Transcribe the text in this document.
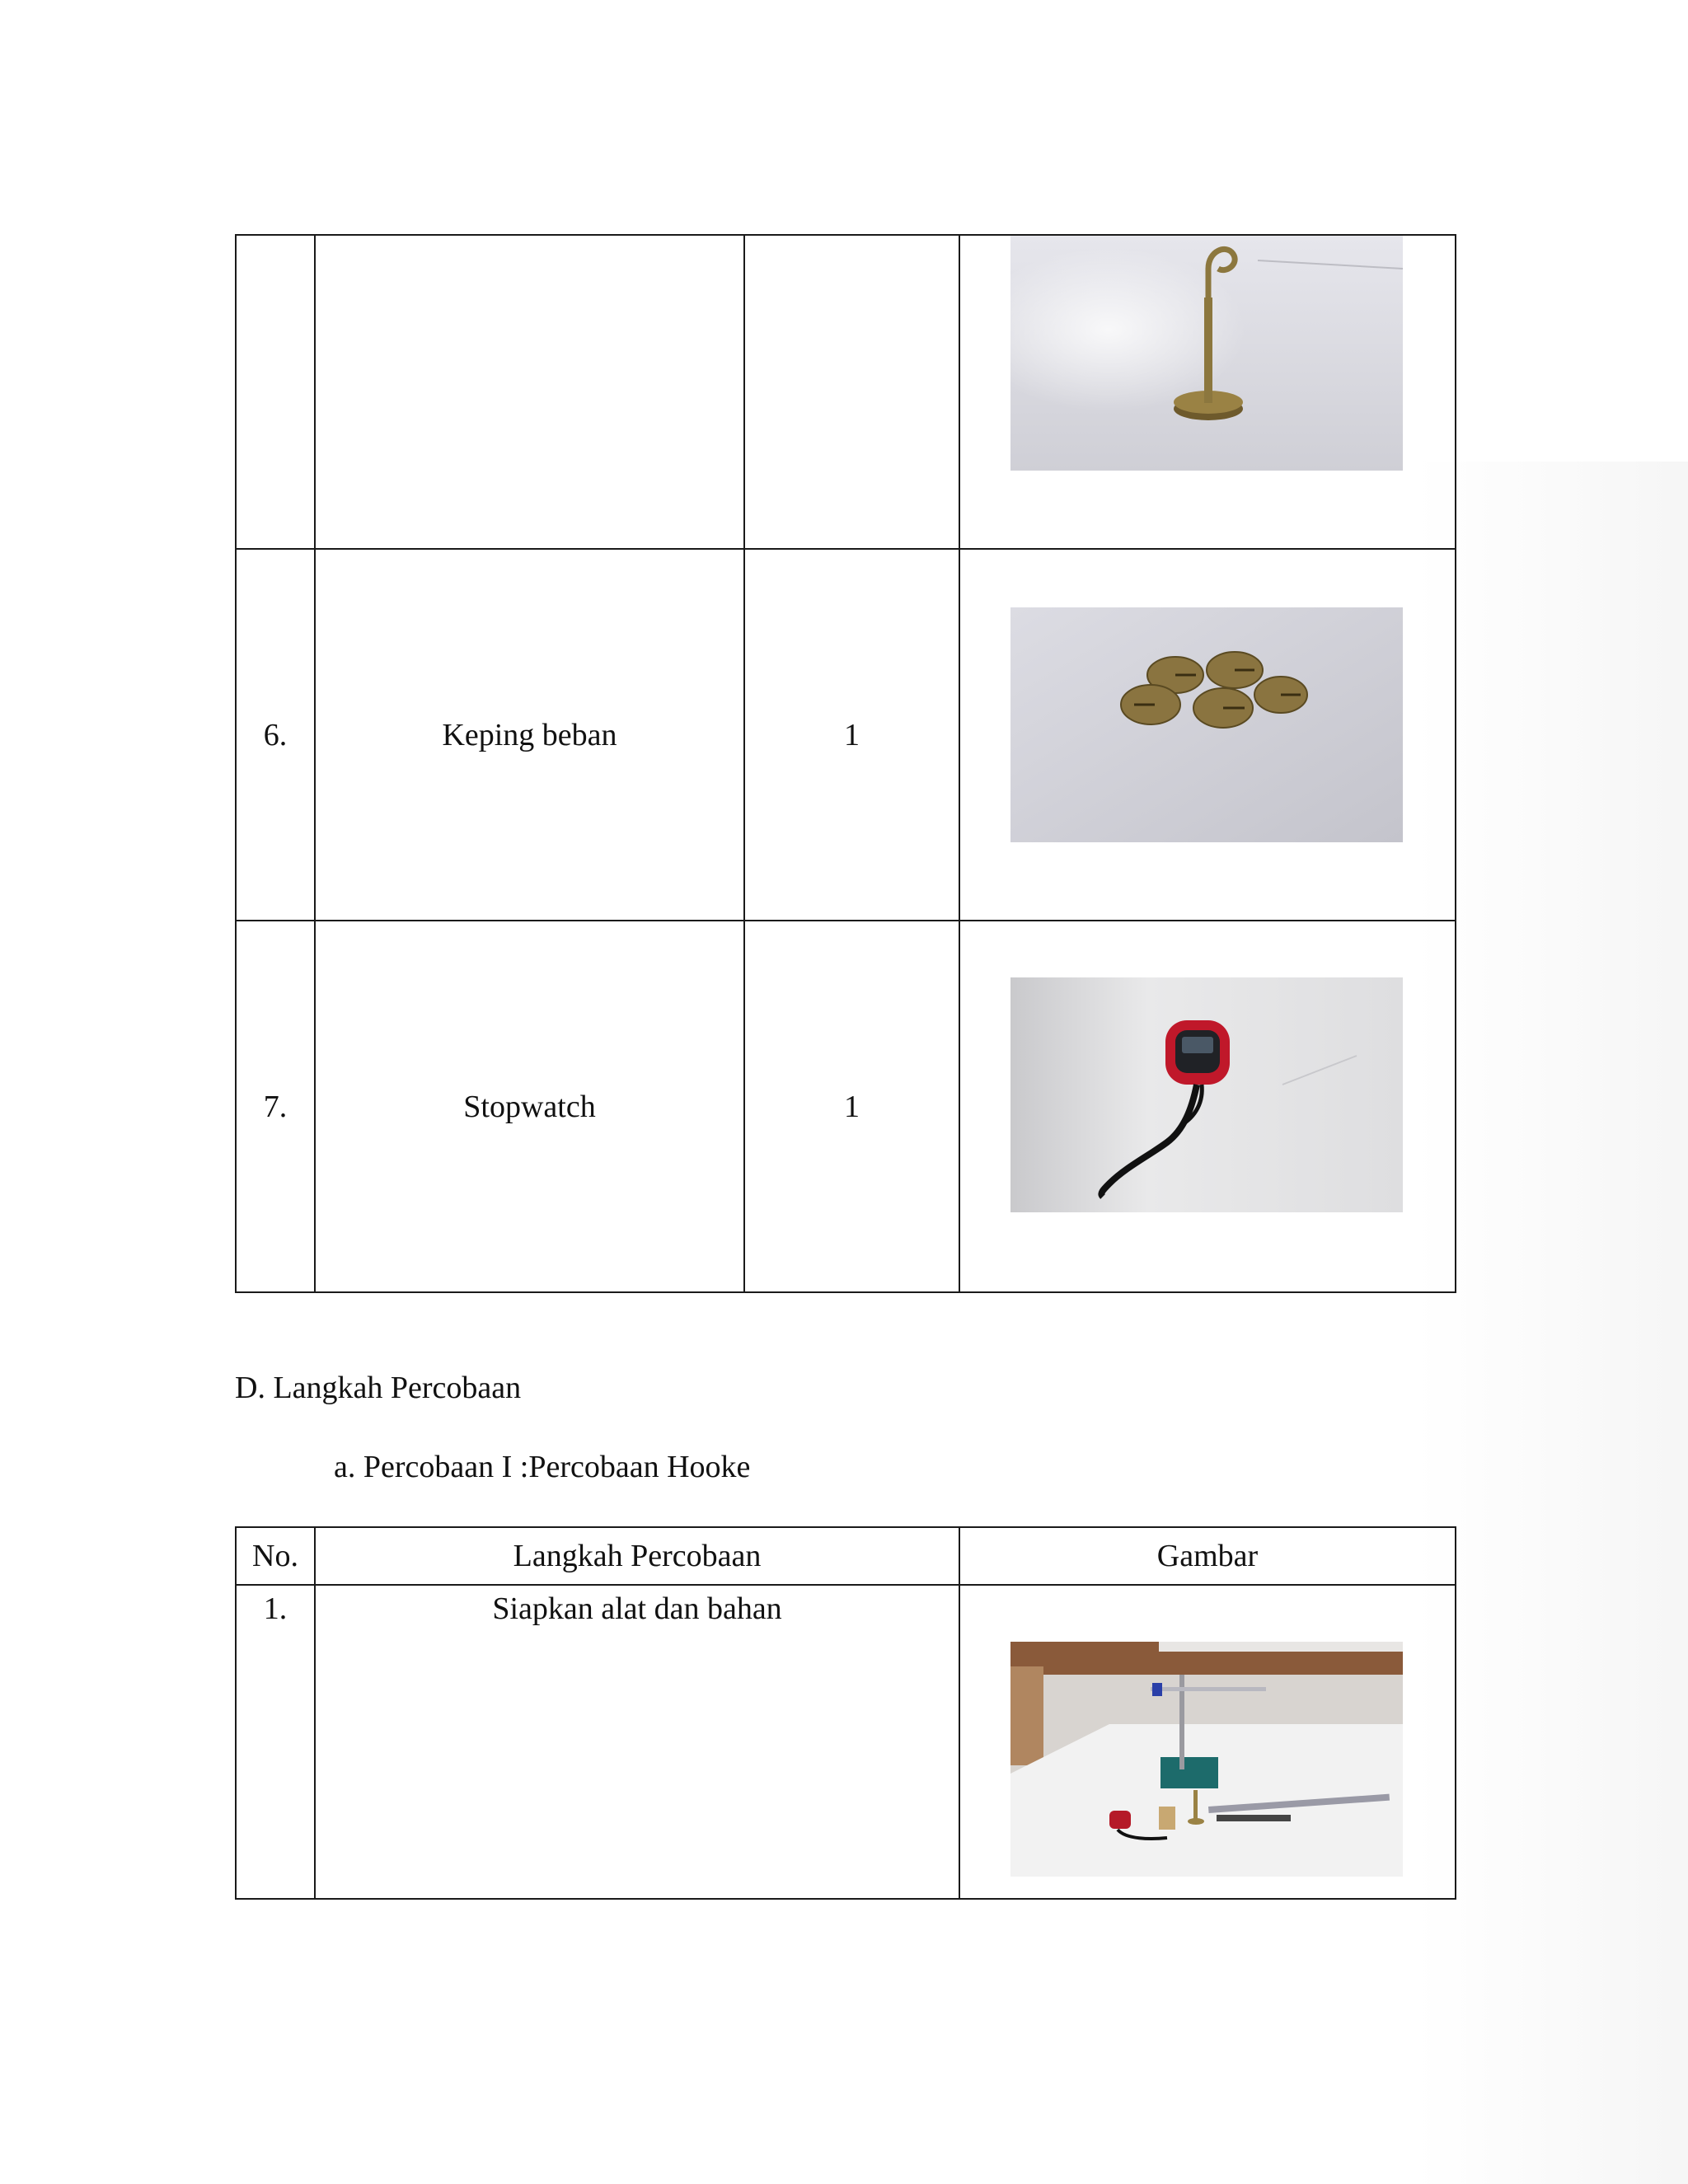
6.	Keping beban	1	

7.	Stopwatch	1	
D. Langkah Percobaan
a. Percobaan I :Percobaan Hooke
No.	Langkah Percobaan	Gambar

1.	Siapkan alat dan bahan
